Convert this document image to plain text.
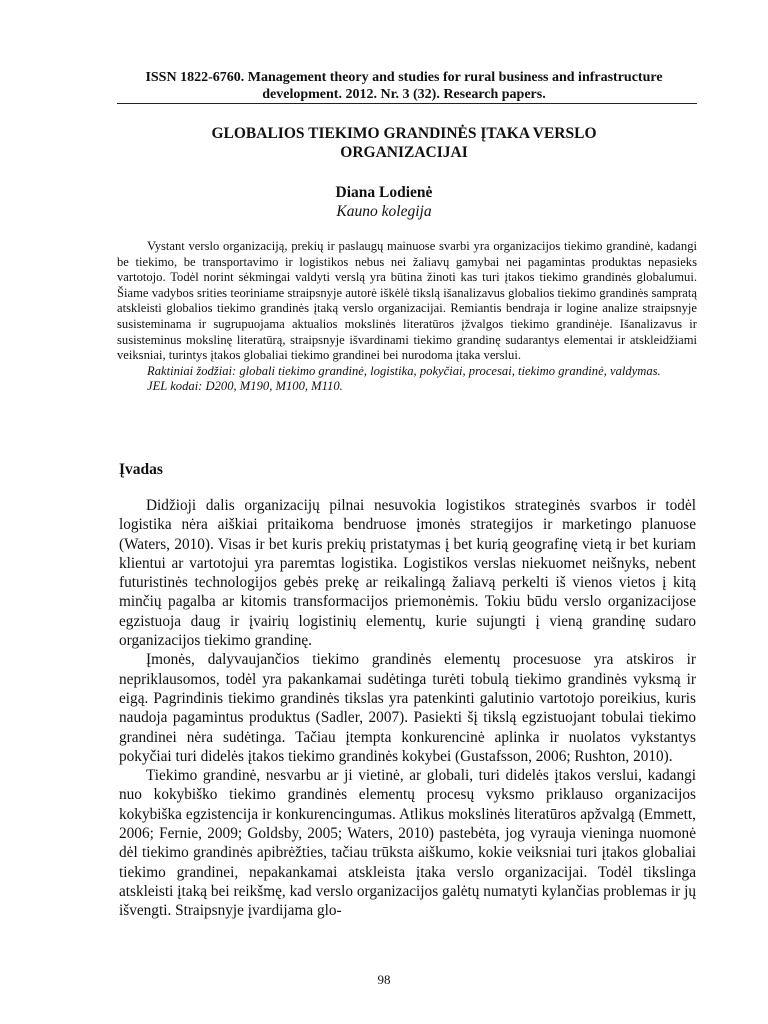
ISSN 1822-6760. Management theory and studies for rural business and infrastructure
development. 2012. Nr. 3 (32). Research papers.
GLOBALIOS TIEKIMO GRANDINĖS ĮTAKA VERSLO
ORGANIZACIJAI
Diana Lodienė
Kauno kolegija

Vystant verslo organizaciją, prekių ir paslaugų mainuose svarbi yra organizacijos tiekimo grandinė, kadangi be tiekimo, be transportavimo ir logistikos nebus nei žaliavų gamybai nei pagamintas produktas nepasieks vartotojo. Todėl norint sėkmingai valdyti verslą yra būtina žinoti kas turi įtakos tiekimo grandinės globalumui. Šiame vadybos srities teoriniame straipsnyje autorė iškėlė tikslą išanalizavus globalios tiekimo grandinės sampratą atskleisti globalios tiekimo grandinės įtaką verslo organizacijai. Remiantis bendraja ir logine analize straipsnyje susisteminama ir sugrupuojama aktualios mokslinės literatūros įžvalgos tiekimo grandinėje. Išanalizavus ir susisteminus mokslinę literatūrą, straipsnyje išvardinami tiekimo grandinę sudarantys elementai ir atskleidžiami veiksniai, turintys įtakos globaliai tiekimo grandinei bei nurodoma įtaka verslui.

Raktiniai žodžiai: globali tiekimo grandinė, logistika, pokyčiai, procesai, tiekimo grandinė, valdymas.

JEL kodai: D200, M190, M100, M110.

Įvadas

Didžioji dalis organizacijų pilnai nesuvokia logistikos strateginės svarbos ir todėl logistika nėra aiškiai pritaikoma bendruose įmonės strategijos ir marketingo planuose (Waters, 2010). Visas ir bet kuris prekių pristatymas į bet kurią geografinę vietą ir bet kuriam klientui ar vartotojui yra paremtas logistika. Logistikos verslas niekuomet neišnyks, nebent futuristinės technologijos gebės prekę ar reikalingą žaliavą perkelti iš vienos vietos į kitą minčių pagalba ar kitomis transformacijos priemonėmis. Tokiu būdu verslo organizacijose egzistuoja daug ir įvairių logistinių elementų, kurie sujungti į vieną grandinę sudaro organizacijos tiekimo grandinę.

Įmonės, dalyvaujančios tiekimo grandinės elementų procesuose yra atskiros ir nepriklausomos, todėl yra pakankamai sudėtinga turėti tobulą tiekimo grandinės vyksmą ir eigą. Pagrindinis tiekimo grandinės tikslas yra patenkinti galutinio vartotojo poreikius, kuris naudoja pagamintus produktus (Sadler, 2007). Pasiekti šį tikslą egzistuojant tobulai tiekimo grandinei nėra sudėtinga. Tačiau įtempta konkurencinė aplinka ir nuolatos vykstantys pokyčiai turi didelės įtakos tiekimo grandinės kokybei (Gustafsson, 2006; Rushton, 2010).

Tiekimo grandinė, nesvarbu ar ji vietinė, ar globali, turi didelės įtakos verslui, kadangi nuo kokybiško tiekimo grandinės elementų procesų vyksmo priklauso organizacijos kokybiška egzistencija ir konkurencingumas. Atlikus mokslinės literatūros apžvalgą (Emmett, 2006; Fernie, 2009; Goldsby, 2005; Waters, 2010) pastebėta, jog vyrauja vieninga nuomonė dėl tiekimo grandinės apibrėžties, tačiau trūksta aiškumo, kokie veiksniai turi įtakos globaliai tiekimo grandinei, nepakankamai atskleista įtaka verslo organizacijai. Todėl tikslinga atskleisti įtaką bei reikšmę, kad verslo organizacijos galėtų numatyti kylančias problemas ir jų išvengti. Straipsnyje įvardijama glo-

98
